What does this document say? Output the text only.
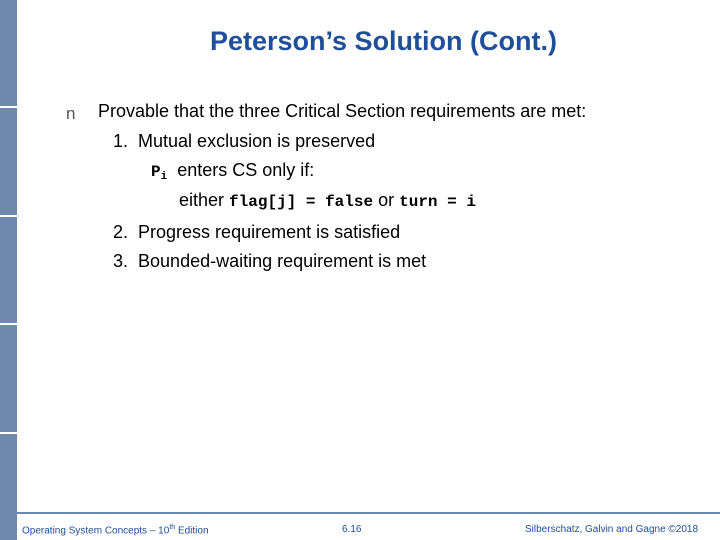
Peterson’s Solution (Cont.)
n Provable that the three Critical Section requirements are met:
1. Mutual exclusion is preserved
$P_i$ enters CS only if:
either flag[j] = false or turn = i
2. Progress requirement is satisfied
3. Bounded-waiting requirement is met
Operating System Concepts – 10th Edition	6.16	Silberschatz, Galvin and Gagne ©2018
